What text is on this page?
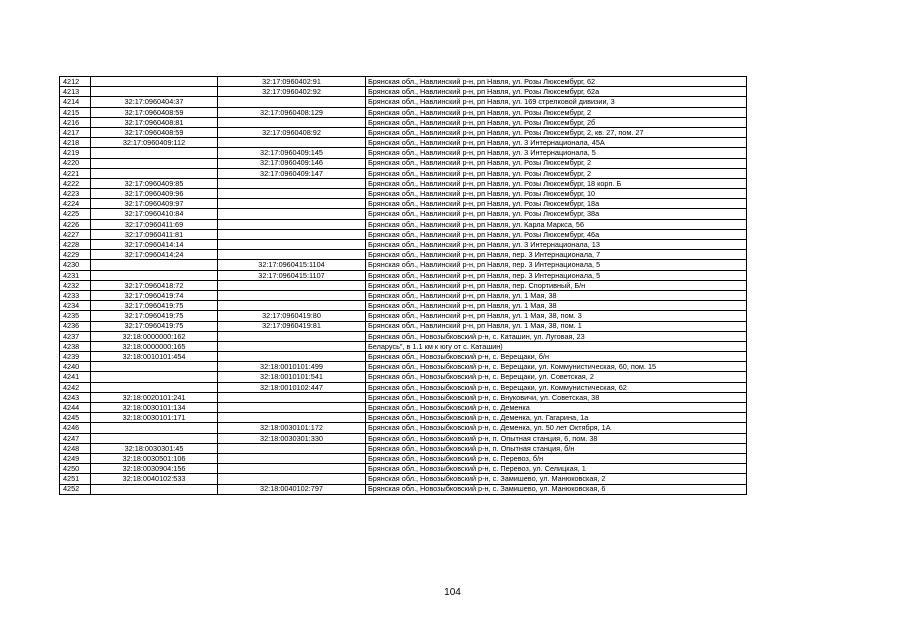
4212		32:17:0960402:91	Брянская обл., Навлинский р-н, рп Навля, ул. Розы Люксембург, 62
4213		32:17:0960402:92	Брянская обл., Навлинский р-н, рп Навля, ул. Розы Люксембург, 62а
4214	32:17:0960404:37		Брянская обл., Навлинский р-н, рп Навля, ул. 169 стрелковой дивизии, 3
4215	32:17:0960408:59	32:17:0960408:129	Брянская обл., Навлинский р-н, рп Навля, ул. Розы Люксембург, 2
4216	32:17:0960408:81		Брянская обл., Навлинский р-н, рп Навля, ул. Розы Люксембург, 2б
4217	32:17:0960408:59	32:17:0960408:92	Брянская обл., Навлинский р-н, рп Навля, ул. Розы Люксембург, 2, кв. 27, пом. 27
4218	32:17:0960409:112		Брянская обл., Навлинский р-н, рп Навля, ул. 3 Интернационала, 45А
4219		32:17:0960409:145	Брянская обл., Навлинский р-н, рп Навля, ул. 3 Интернационала, 5
4220		32:17:0960409:146	Брянская обл., Навлинский р-н, рп Навля, ул. Розы Люксембург, 2
4221		32:17:0960409:147	Брянская обл., Навлинский р-н, рп Навля, ул. Розы Люксембург, 2
4222	32:17:0960409:85		Брянская обл., Навлинский р-н, рп Навля, ул. Розы Люксембург, 18 корп. Б
4223	32:17:0960409:96		Брянская обл., Навлинский р-н, рп Навля, ул. Розы Люксембург, 10
4224	32:17:0960409:97		Брянская обл., Навлинский р-н, рп Навля, ул. Розы Люксембург, 18а
4225	32:17:0960410:84		Брянская обл., Навлинский р-н, рп Навля, ул. Розы Люксембург, 38а
4226	32:17:0960411:69		Брянская обл., Навлинский р-н, рп Навля, ул. Карла Маркса, 56
4227	32:17:0960411:81		Брянская обл., Навлинский р-н, рп Навля, ул. Розы Люксембург, 46а
4228	32:17:0960414:14		Брянская обл., Навлинский р-н, рп Навля, ул. 3 Интернационала, 13
4229	32:17:0960414:24		Брянская обл., Навлинский р-н, рп Навля, пер. 3 Интернационала, 7
4230		32:17:0960415:1104	Брянская обл., Навлинский р-н, рп Навля, пер. 3 Интернационала, 5
4231		32:17:0960415:1107	Брянская обл., Навлинский р-н, рп Навля, пер. 3 Интернационала, 5
4232	32:17:0960418:72		Брянская обл., Навлинский р-н, рп Навля, пер. Спортивный, Б/н
4233	32:17:0960419:74		Брянская обл., Навлинский р-н, рп Навля, ул. 1 Мая, 38
4234	32:17:0960419:75		Брянская обл., Навлинский р-н, рп Навля, ул. 1 Мая, 38
4235	32:17:0960419:75	32:17:0960419:80	Брянская обл., Навлинский р-н, рп Навля, ул. 1 Мая, 38, пом. 3
4236	32:17:0960419:75	32:17:0960419:81	Брянская обл., Навлинский р-н, рп Навля, ул. 1 Мая, 38, пом. 1
4237	32:18:0000000:162		Брянская обл., Новозыбковский р-н, с. Каташин, ул. Луговая, 23
4238	32:18:0000000:165		Беларусь", в 1.1 км к югу от с. Каташин)
4239	32:18:0010101:454		Брянская обл., Новозыбковский р-н, с. Верещаки, б/н
4240		32:18:0010101:499	Брянская обл., Новозыбковский р-н, с. Верещаки, ул. Коммунистическая, 60, пом. 15
4241		32:18:0010101:541	Брянская обл., Новозыбковский р-н, с. Верещаки, ул. Советская, 2
4242		32:18:0010102:447	Брянская обл., Новозыбковский р-н, с. Верещаки, ул. Коммунистическая, 62
4243	32:18:0020101:241		Брянская обл., Новозыбковский р-н, с. Внуковичи, ул. Советская, 38
4244	32:18:0030101:134		Брянская обл., Новозыбковский р-н, с. Деменка
4245	32:18:0030101:171		Брянская обл., Новозыбковский р-н, с. Деменка, ул. Гагарина, 1а
4246		32:18:0030101:172	Брянская обл., Новозыбковский р-н, с. Деменка, ул. 50 лет Октября, 1А
4247		32:18:0030301:330	Брянская обл., Новозыбковский р-н, п. Опытная станция, 6, пом. 38
4248	32:18:0030301:45		Брянская обл., Новозыбковский р-н, п. Опытная станция, б/н
4249	32:18:0030501:106		Брянская обл., Новозыбковский р-н, с. Перевоз, б/н
4250	32:18:0030904:156		Брянская обл., Новозыбковский р-н, с. Перевоз, ул. Селицкая, 1
4251	32:18:0040102:533		Брянская обл., Новозыбковский р-н, с. Замишево, ул. Манюковская, 2
4252		32:18:0040102:797	Брянская обл., Новозыбковский р-н, с. Замишево, ул. Манюковская, 6
104
